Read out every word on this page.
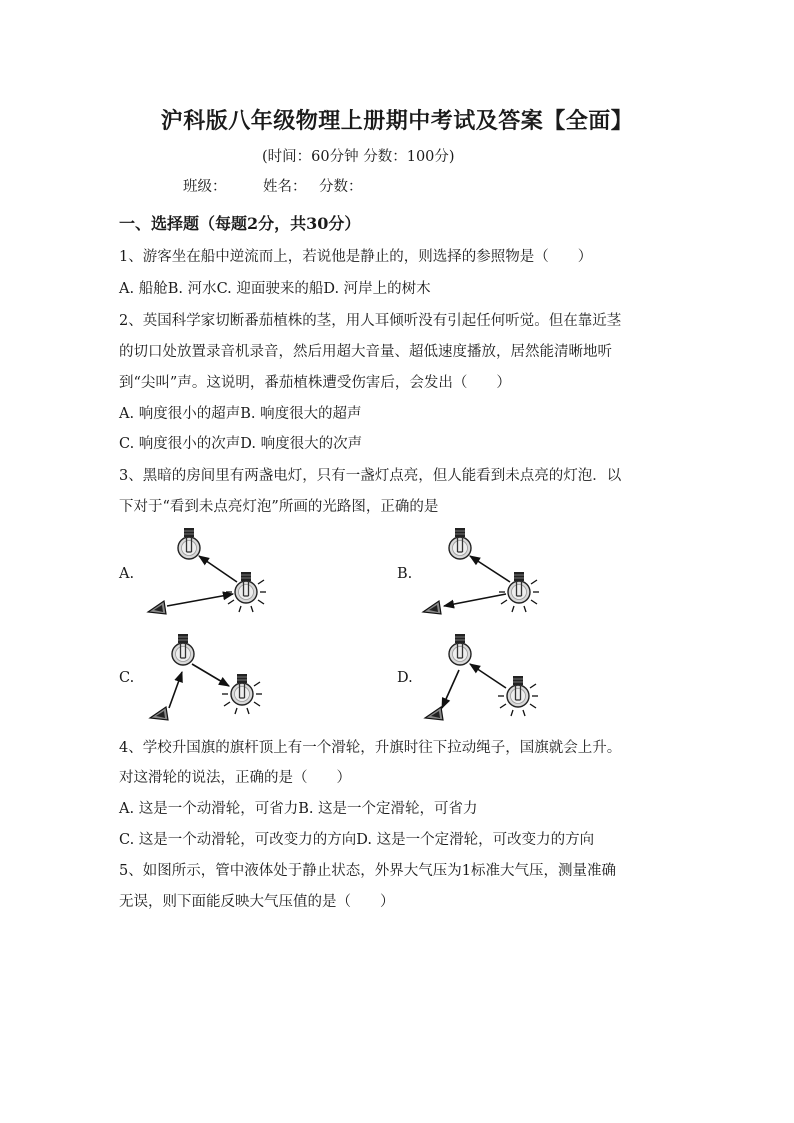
沪科版八年级物理上册期中考试及答案【全面】
(时间：60分钟 分数：100分)
班级：	姓名： 分数：
一、选择题（每题2分，共30分）
1、游客坐在船中逆流而上，若说他是静止的，则选择的参照物是（　　）
A. 船舱B. 河水C. 迎面驶来的船D. 河岸上的树木
2、英国科学家切断番茄植株的茎，用人耳倾听没有引起任何听觉。但在靠近茎
的切口处放置录音机录音，然后用超大音量、超低速度播放，居然能清晰地听
到“尖叫”声。这说明，番茄植株遭受伤害后，会发出（　　）
A. 响度很小的超声B. 响度很大的超声
C. 响度很小的次声D. 响度很大的次声
3、黑暗的房间里有两盏电灯，只有一盏灯点亮，但人能看到未点亮的灯泡．以
下对于“看到未点亮灯泡”所画的光路图，正确的是
A.	B.
C.	D.
4、学校升国旗的旗杆顶上有一个滑轮，升旗时往下拉动绳子，国旗就会上升。
对这滑轮的说法，正确的是（　　）
A. 这是一个动滑轮，可省力B. 这是一个定滑轮，可省力
C. 这是一个动滑轮，可改变力的方向D. 这是一个定滑轮，可改变力的方向
5、如图所示，管中液体处于静止状态，外界大气压为1标准大气压，测量准确
无误，则下面能反映大气压值的是（　　）
